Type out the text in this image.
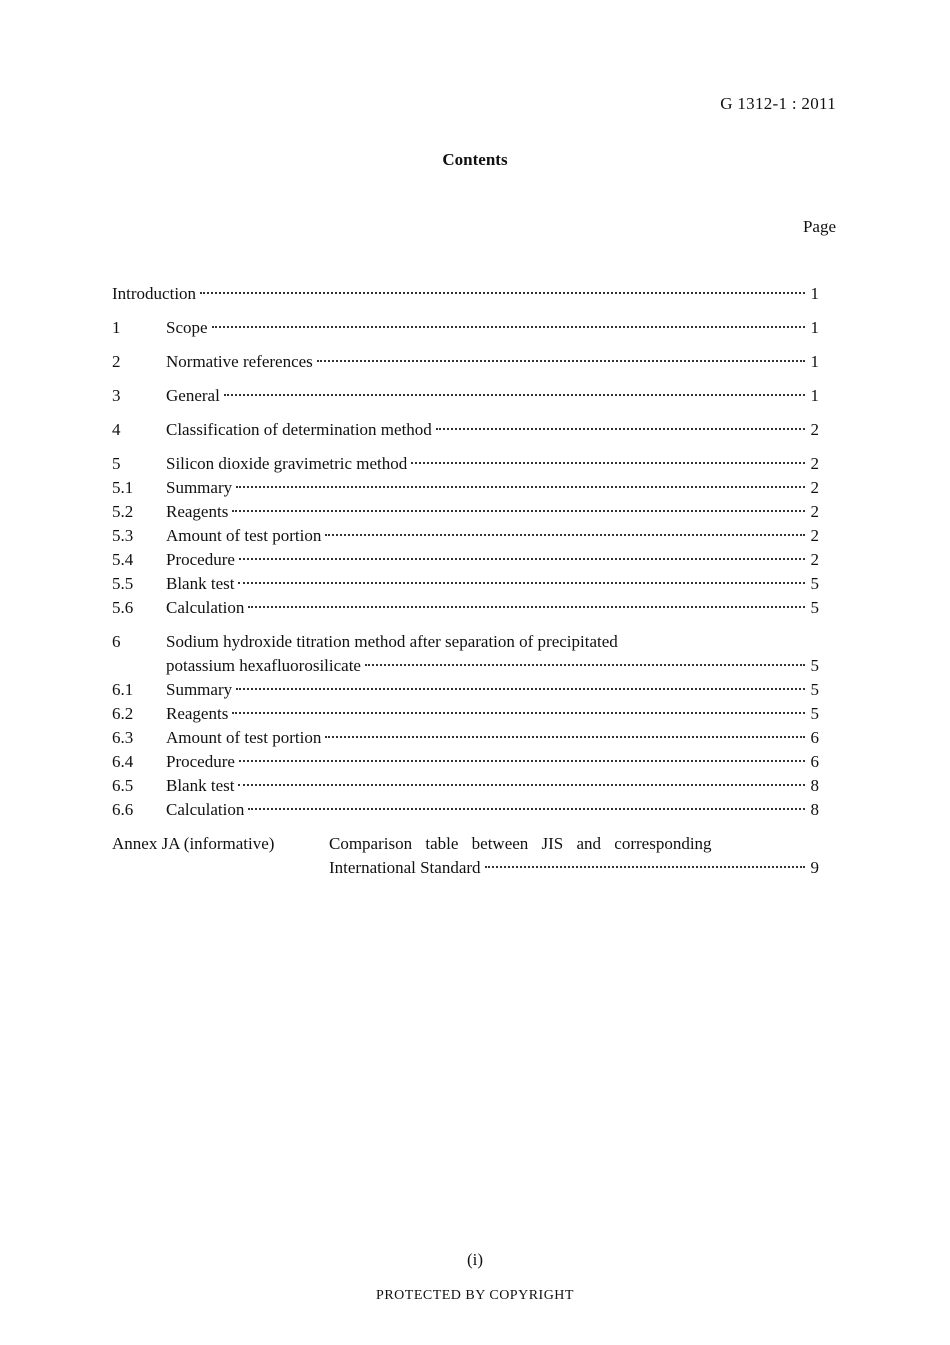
G 1312-1 : 2011
Contents
Page
Introduction	1
1	Scope	1
2	Normative references	1
3	General	1
4	Classification of determination method	2
5	Silicon dioxide gravimetric method	2
5.1	Summary	2
5.2	Reagents	2
5.3	Amount of test portion	2
5.4	Procedure	2
5.5	Blank test	5
5.6	Calculation	5
6	Sodium hydroxide titration method after separation of precipitated
potassium hexafluorosilicate	5
6.1	Summary	5
6.2	Reagents	5
6.3	Amount of test portion	6
6.4	Procedure	6
6.5	Blank test	8
6.6	Calculation	8
Annex JA (informative)	Comparison table between JIS and corresponding
International Standard	9
(i)
PROTECTED BY COPYRIGHT
